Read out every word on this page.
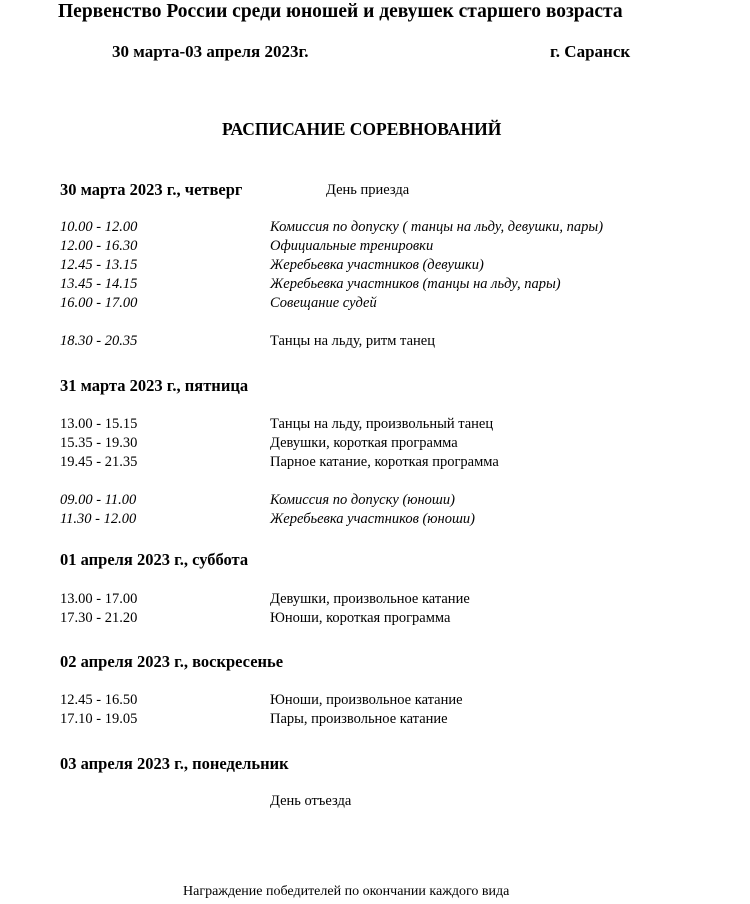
Первенство России среди юношей и девушек старшего возраста
30 марта-03 апреля 2023г.	г. Саранск
РАСПИСАНИЕ СОРЕВНОВАНИЙ
30 марта 2023 г., четверг	День приезда
10.00 - 12.00	Комиссия по допуску ( танцы на льду, девушки, пары)
12.00 - 16.30	Официальные тренировки
12.45 - 13.15	Жеребьевка участников (девушки)
13.45 - 14.15	Жеребьевка участников (танцы на льду, пары)
16.00 - 17.00	Совещание судей
18.30 - 20.35	Танцы на льду, ритм танец
31 марта 2023 г., пятница
13.00 - 15.15	Танцы на льду, произвольный танец
15.35 - 19.30	Девушки, короткая программа
19.45 - 21.35	Парное катание, короткая программа
09.00 - 11.00	Комиссия по допуску (юноши)
11.30 - 12.00	Жеребьевка участников (юноши)
01 апреля 2023 г., суббота
13.00 - 17.00	Девушки, произвольное катание
17.30 - 21.20	Юноши, короткая программа
02 апреля 2023 г., воскресенье
12.45 - 16.50	Юноши, произвольное катание
17.10 - 19.05	Пары, произвольное катание
03 апреля 2023 г., понедельник
День отъезда
Награждение победителей по окончании каждого вида
